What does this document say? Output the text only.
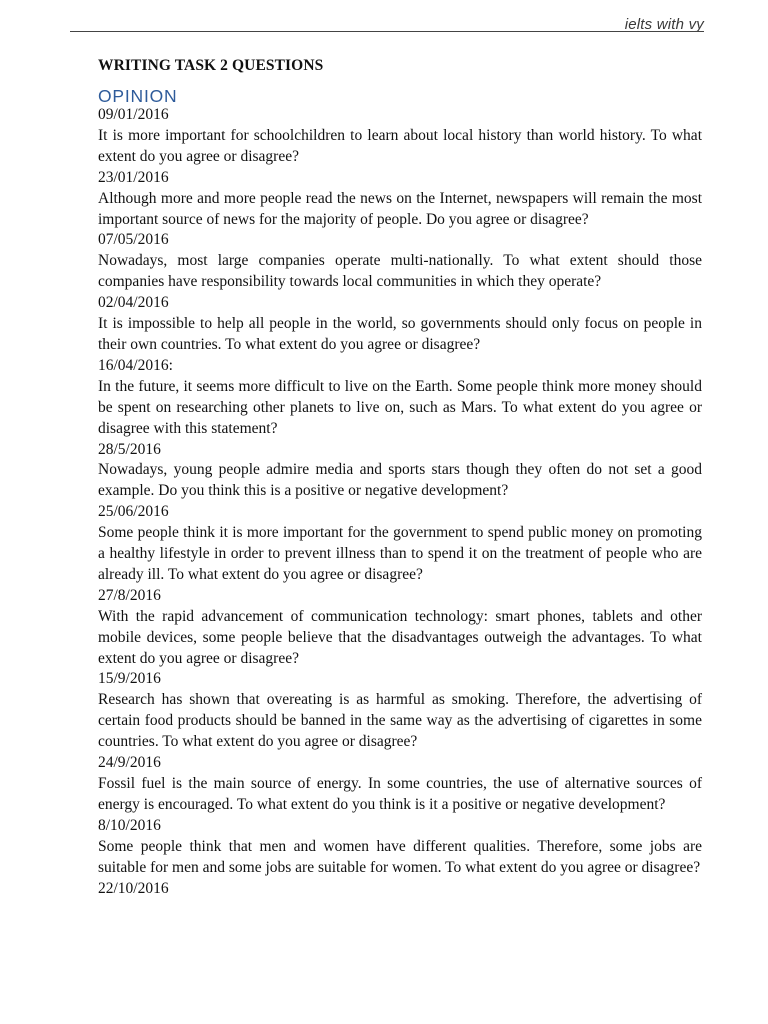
ielts with vy
WRITING TASK 2 QUESTIONS
OPINION
09/01/2016
It is more important for schoolchildren to learn about local history than world history. To what extent do you agree or disagree?
23/01/2016
Although more and more people read the news on the Internet, newspapers will remain the most important source of news for the majority of people. Do you agree or disagree?
07/05/2016
Nowadays, most large companies operate multi-nationally. To what extent should those companies have responsibility towards local communities in which they operate?
02/04/2016
It is impossible to help all people in the world, so governments should only focus on people in their own countries. To what extent do you agree or disagree?
16/04/2016:
In the future, it seems more difficult to live on the Earth. Some people think more money should be spent on researching other planets to live on, such as Mars. To what extent do you agree or disagree with this statement?
28/5/2016
Nowadays, young people admire media and sports stars though they often do not set a good example. Do you think this is a positive or negative development?
25/06/2016
Some people think it is more important for the government to spend public money on promoting a healthy lifestyle in order to prevent illness than to spend it on the treatment of people who are already ill. To what extent do you agree or disagree?
27/8/2016
With the rapid advancement of communication technology: smart phones, tablets and other mobile devices, some people believe that the disadvantages outweigh the advantages. To what extent do you agree or disagree?
15/9/2016
Research has shown that overeating is as harmful as smoking. Therefore, the advertising of certain food products should be banned in the same way as the advertising of cigarettes in some countries. To what extent do you agree or disagree?
24/9/2016
Fossil fuel is the main source of energy. In some countries, the use of alternative sources of energy is encouraged. To what extent do you think is it a positive or negative development?
8/10/2016
Some people think that men and women have different qualities. Therefore, some jobs are suitable for men and some jobs are suitable for women. To what extent do you agree or disagree?
22/10/2016
